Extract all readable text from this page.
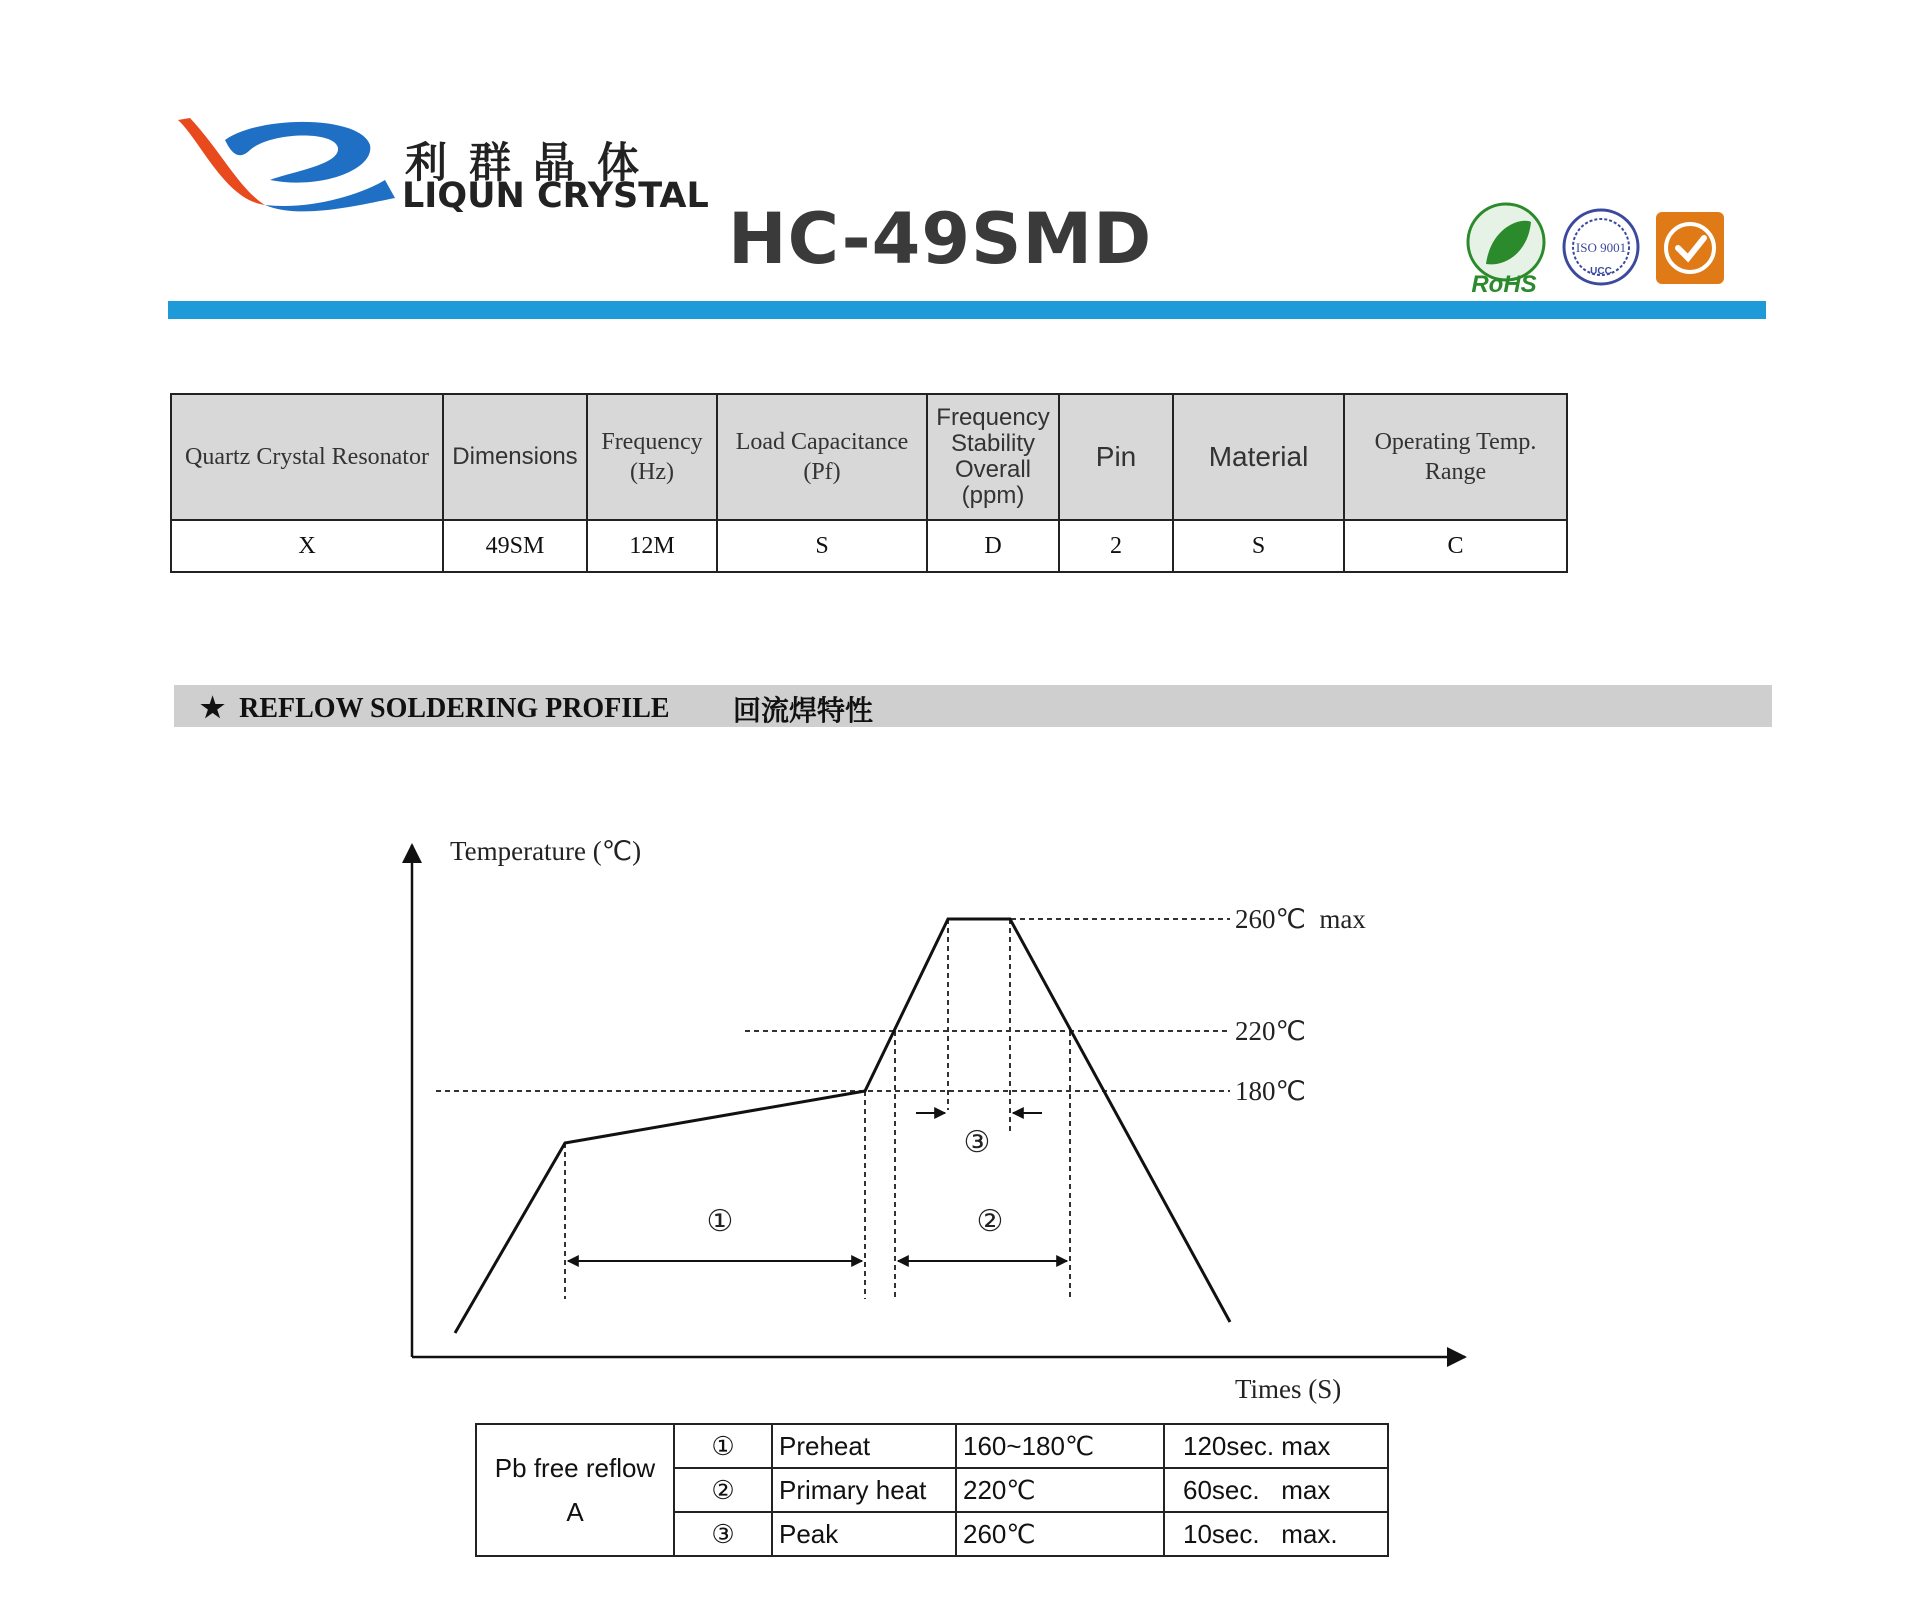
利群晶体
LIQUN CRYSTAL
HC-49SMD
RoHS
ISO 9001
UCC
Quartz Crystal Resonator	Dimensions	Frequency (Hz)	Load Capacitance (Pf)	Frequency Stability Overall (ppm)	Pin	Material	Operating Temp. Range
X	49SM	12M	S	D	2	S	C
★ REFLOW SOLDERING PROFILE 回流焊特性
Temperature (℃)
Times (S)
260℃  max
220℃
180℃
①	②
③
Pb free reflow
A	①	Preheat	160~180℃	120sec. max
	②	Primary heat	220℃	60sec.   max
	③	Peak	260℃	10sec.   max.
